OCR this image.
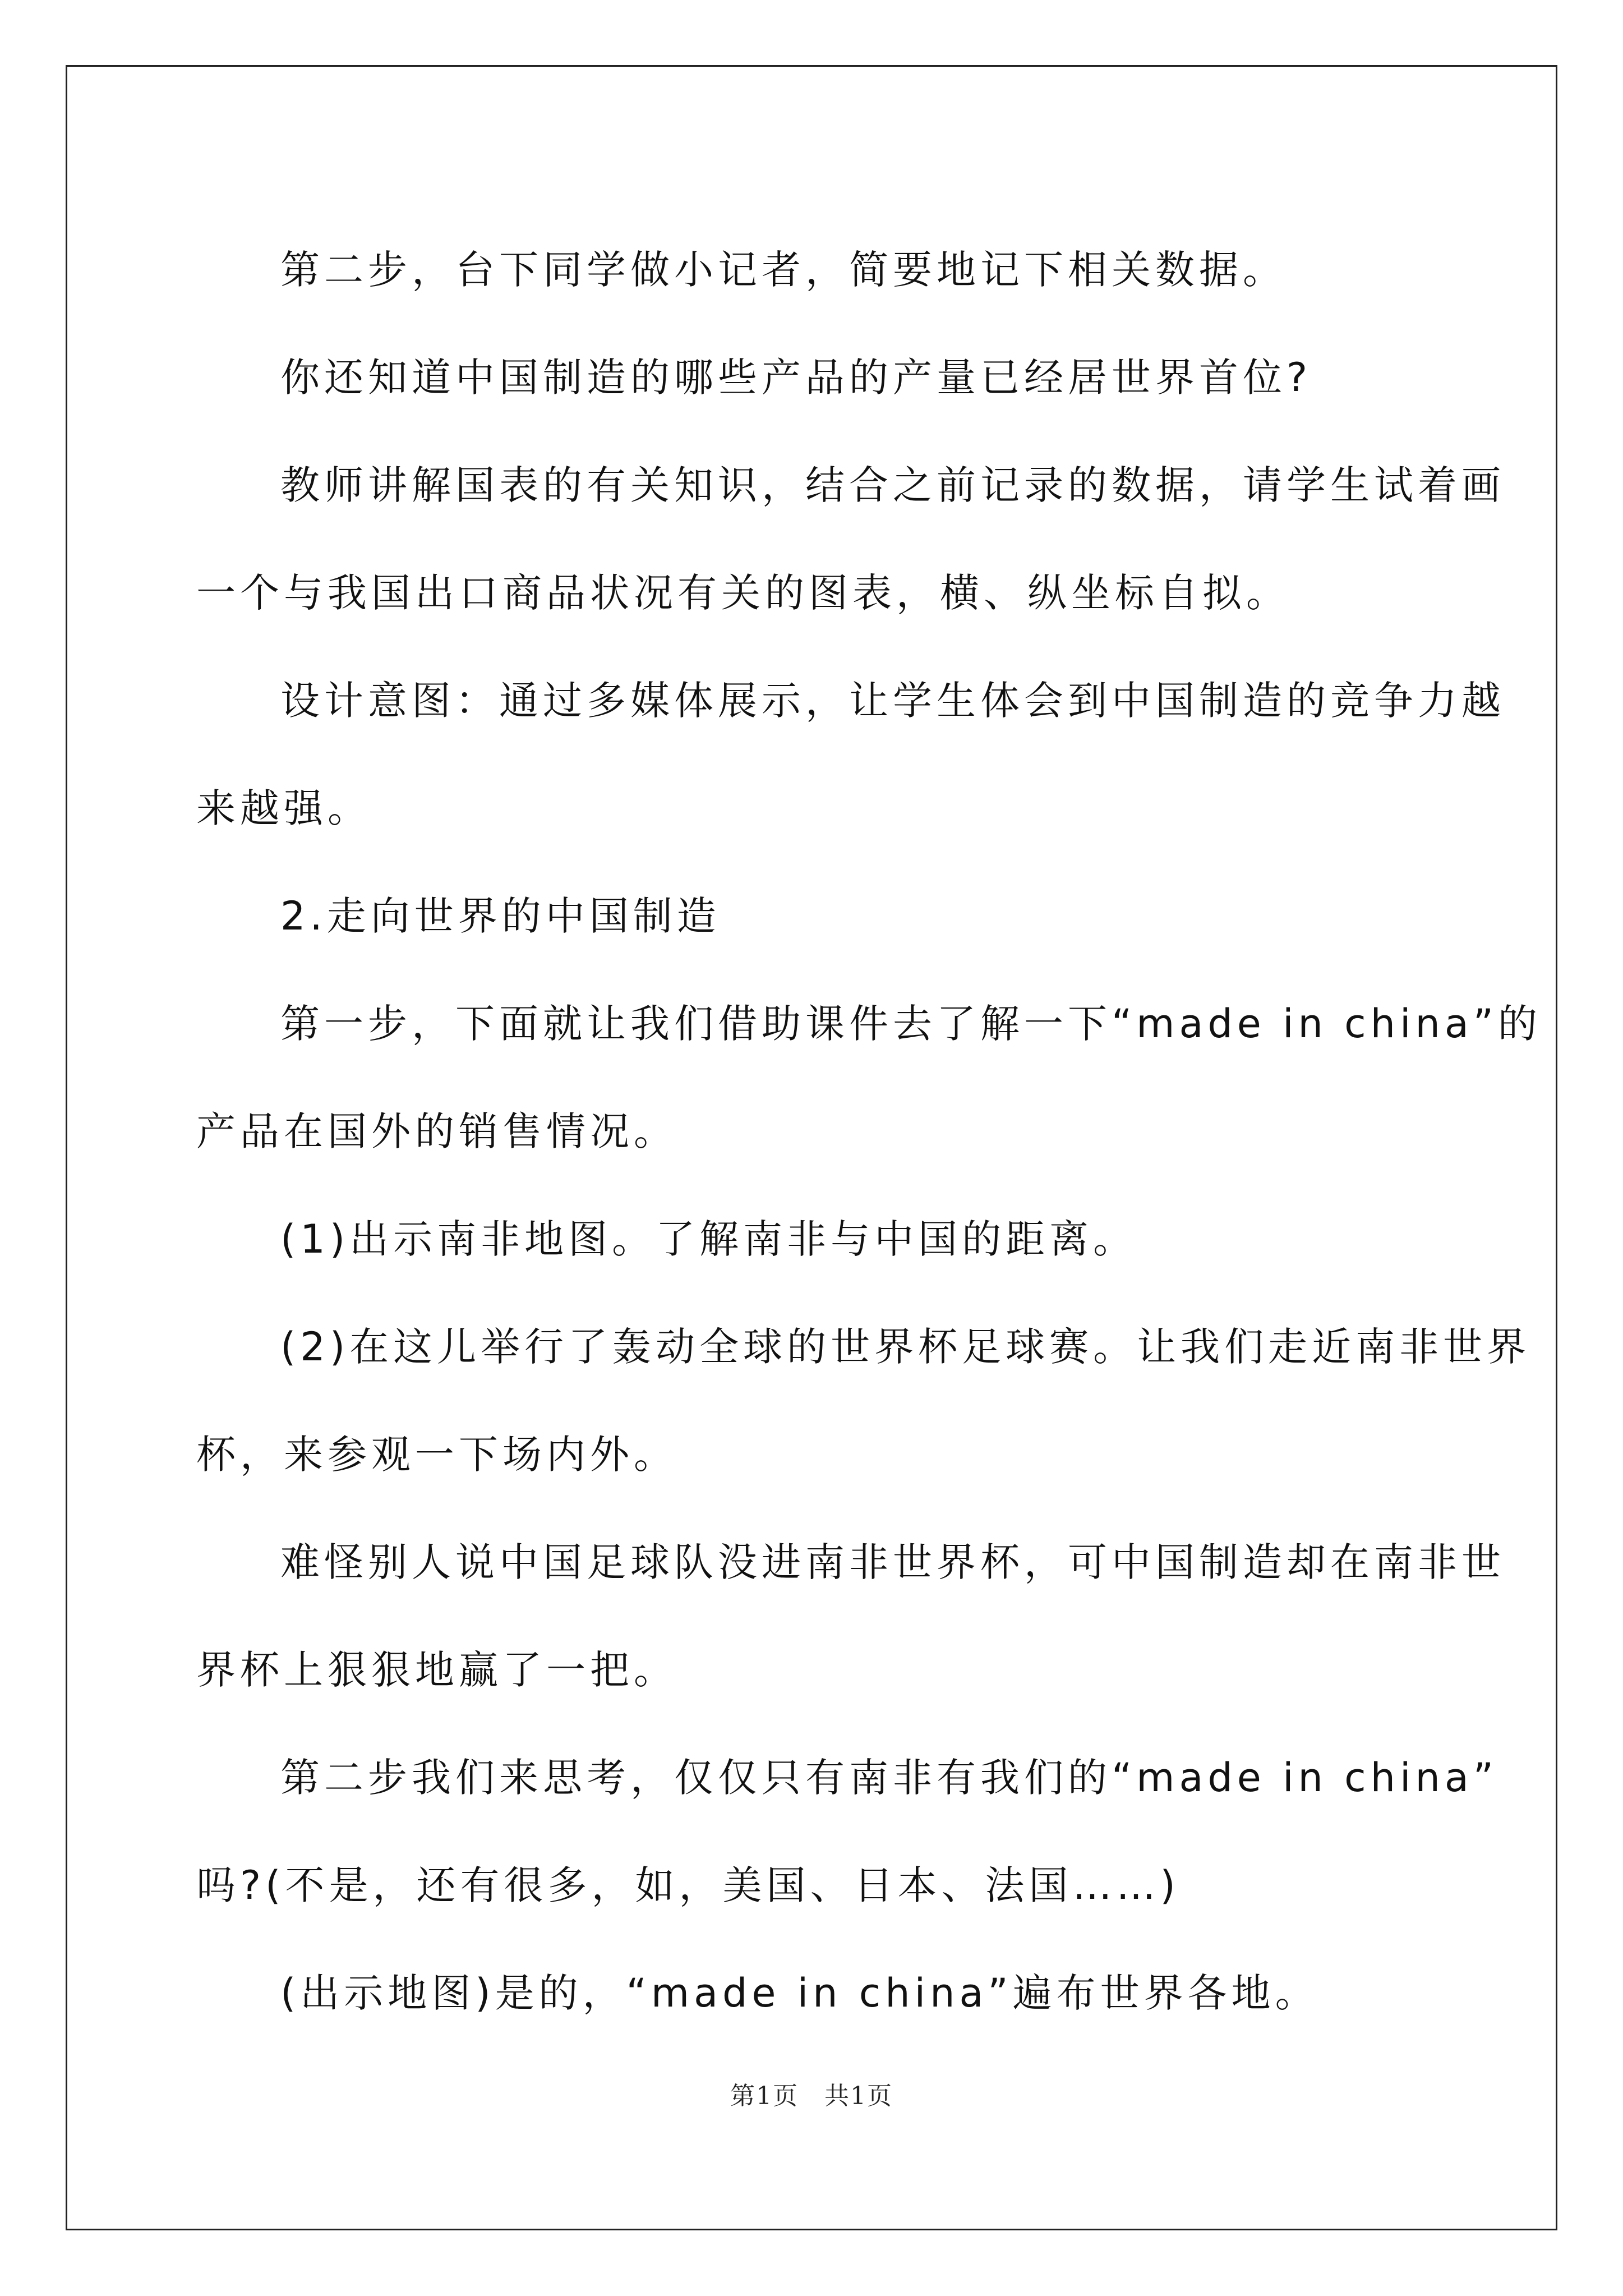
第二步，台下同学做小记者，简要地记下相关数据。

你还知道中国制造的哪些产品的产量已经居世界首位?

教师讲解国表的有关知识，结合之前记录的数据，请学生试着画

一个与我国出口商品状况有关的图表，横、纵坐标自拟。

设计意图：通过多媒体展示，让学生体会到中国制造的竞争力越

来越强。

2.走向世界的中国制造

第一步，下面就让我们借助课件去了解一下“made in china”的

产品在国外的销售情况。

(1)出示南非地图。了解南非与中国的距离。

(2)在这儿举行了轰动全球的世界杯足球赛。让我们走近南非世界

杯，来参观一下场内外。

难怪别人说中国足球队没进南非世界杯，可中国制造却在南非世

界杯上狠狠地赢了一把。

第二步我们来思考，仅仅只有南非有我们的“made in china”

吗?(不是，还有很多，如，美国、日本、法国……)

(出示地图)是的，“made in china”遍布世界各地。

第1页　共1页
